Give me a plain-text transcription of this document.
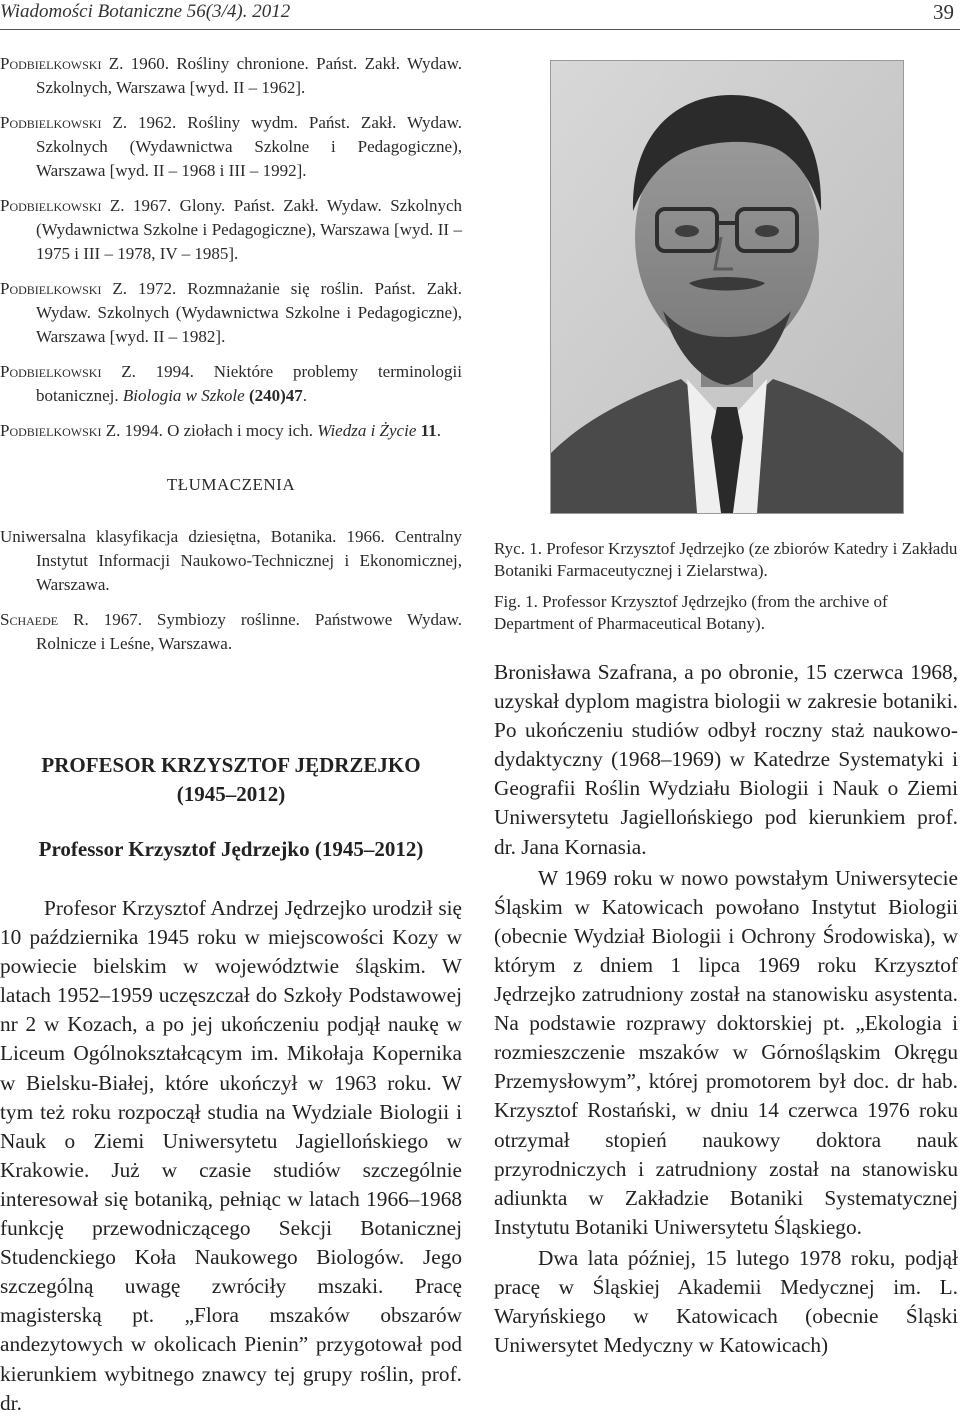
Wiadomości Botaniczne 56(3/4). 2012	39

Podbielkowski Z. 1960. Rośliny chronione. Państ. Zakł. Wydaw. Szkolnych, Warszawa [wyd. II – 1962].

Podbielkowski Z. 1962. Rośliny wydm. Państ. Zakł. Wydaw. Szkolnych (Wydawnictwa Szkolne i Pedagogiczne), Warszawa [wyd. II – 1968 i III – 1992].

Podbielkowski Z. 1967. Glony. Państ. Zakł. Wydaw. Szkolnych (Wydawnictwa Szkolne i Pedagogiczne), Warszawa [wyd. II – 1975 i III – 1978, IV – 1985].

Podbielkowski Z. 1972. Rozmnażanie się roślin. Państ. Zakł. Wydaw. Szkolnych (Wydawnictwa Szkolne i Pedagogiczne), Warszawa [wyd. II – 1982].

Podbielkowski Z. 1994. Niektóre problemy terminologii botanicznej. Biologia w Szkole (240)47.

Podbielkowski Z. 1994. O ziołach i mocy ich. Wiedza i Życie 11.

TŁUMACZENIA

Uniwersalna klasyfikacja dziesiętna, Botanika. 1966. Centralny Instytut Informacji Naukowo-Technicznej i Ekonomicznej, Warszawa.

Schaede R. 1967. Symbiozy roślinne. Państwowe Wydaw. Rolnicze i Leśne, Warszawa.

PROFESOR KRZYSZTOF JĘDRZEJKO
(1945–2012)
Professor Krzysztof Jędrzejko (1945–2012)

Profesor Krzysztof Andrzej Jędrzejko urodził się 10 października 1945 roku w miejscowości Kozy w powiecie bielskim w województwie śląskim. W latach 1952–1959 uczęszczał do Szkoły Podstawowej nr 2 w Kozach, a po jej ukończeniu podjął naukę w Liceum Ogólnokształcącym im. Mikołaja Kopernika w Bielsku-Białej, które ukończył w 1963 roku. W tym też roku rozpoczął studia na Wydziale Biologii i Nauk o Ziemi Uniwersytetu Jagiellońskiego w Krakowie. Już w czasie studiów szczególnie interesował się botaniką, pełniąc w latach 1966–1968 funkcję przewodniczącego Sekcji Botanicznej Studenckiego Koła Naukowego Biologów. Jego szczególną uwagę zwróciły mszaki. Pracę magisterską pt. „Flora mszaków obszarów andezytowych w okolicach Pienin” przygotował pod kierunkiem wybitnego znawcy tej grupy roślin, prof. dr.

Ryc. 1. Profesor Krzysztof Jędrzejko (ze zbiorów Katedry i Zakładu Botaniki Farmaceutycznej i Zielarstwa).

Fig. 1. Professor Krzysztof Jędrzejko (from the archive of Department of Pharmaceutical Botany).

Bronisława Szafrana, a po obronie, 15 czerwca 1968, uzyskał dyplom magistra biologii w zakresie botaniki. Po ukończeniu studiów odbył roczny staż naukowo-dydaktyczny (1968–1969) w Katedrze Systematyki i Geografii Roślin Wydziału Biologii i Nauk o Ziemi Uniwersytetu Jagiellońskiego pod kierunkiem prof. dr. Jana Kornasia.

W 1969 roku w nowo powstałym Uniwersytecie Śląskim w Katowicach powołano Instytut Biologii (obecnie Wydział Biologii i Ochrony Środowiska), w którym z dniem 1 lipca 1969 roku Krzysztof Jędrzejko zatrudniony został na stanowisku asystenta. Na podstawie rozprawy doktorskiej pt. „Ekologia i rozmieszczenie mszaków w Górnośląskim Okręgu Przemysłowym”, której promotorem był doc. dr hab. Krzysztof Rostański, w dniu 14 czerwca 1976 roku otrzymał stopień naukowy doktora nauk przyrodniczych i zatrudniony został na stanowisku adiunkta w Zakładzie Botaniki Systematycznej Instytutu Botaniki Uniwersytetu Śląskiego.

Dwa lata później, 15 lutego 1978 roku, podjął pracę w Śląskiej Akademii Medycznej im. L. Waryńskiego w Katowicach (obecnie Śląski Uniwersytet Medyczny w Katowicach)
